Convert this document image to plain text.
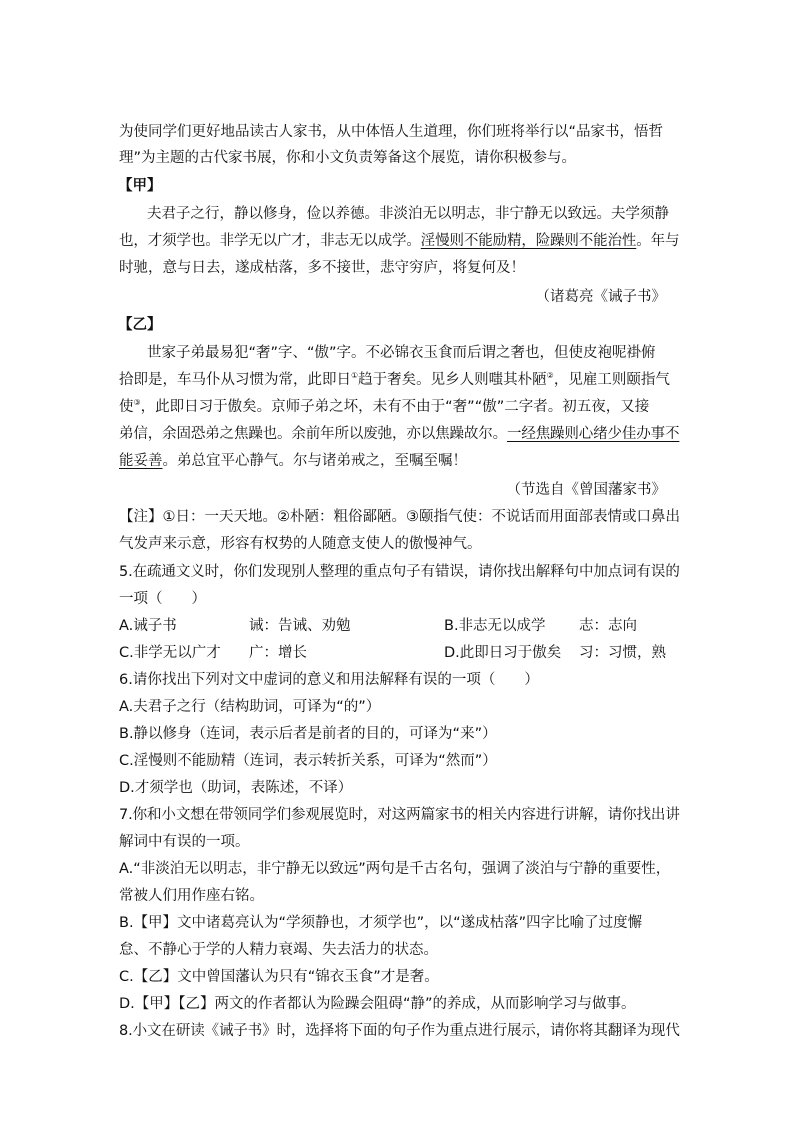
为使同学们更好地品读古人家书，从中体悟人生道理，你们班将举行以“品家书，悟哲
理”为主题的古代家书展，你和小文负责筹备这个展览，请你积极参与。
【甲】
夫君子之行，静以修身，俭以养德。非淡泊无以明志，非宁静无以致远。夫学须静
也，才须学也。非学无以广才，非志无以成学。淫慢则不能励精，险躁则不能治性。年与
时驰，意与日去，遂成枯落，多不接世，悲守穷庐，将复何及！
（诸葛亮《诫子书》
【乙】
世家子弟最易犯“奢”字、“傲”字。不必锦衣玉食而后谓之奢也，但使皮袍呢褂俯
拾即是，车马仆从习惯为常，此即日①趋于奢矣。见乡人则嗤其朴陋②，见雇工则颐指气
使③，此即日习于傲矣。京师子弟之坏，未有不由于“奢”“傲”二字者。初五夜，又接
弟信，余固恐弟之焦躁也。余前年所以废弛，亦以焦躁故尔。一经焦躁则心绪少佳办事不
能妥善。弟总宜平心静气。尔与诸弟戒之，至嘱至嘱！
（节选自《曾国藩家书》
【注】①日：一天天地。②朴陋：粗俗鄙陋。③颐指气使：不说话而用面部表情或口鼻出
气发声来示意，形容有权势的人随意支使人的傲慢神气。
5.在疏通文义时，你们发现别人整理的重点句子有错误，请你找出解释句中加点词有误的
一项（　　）
A.诫子书	诫：告诫、劝勉	B.非志无以成学 志：志向
C.非学无以广才 广：增长	D.此即日习于傲矣 习：习惯，熟
6.请你找出下列对文中虚词的意义和用法解释有误的一项（　　）
A.夫君子之行（结构助词，可译为“的”）
B.静以修身（连词，表示后者是前者的目的，可译为“来”）
C.淫慢则不能励精（连词，表示转折关系，可译为“然而”）
D.才须学也（助词，表陈述，不译）
7.你和小文想在带领同学们参观展览时，对这两篇家书的相关内容进行讲解，请你找出讲
解词中有误的一项。
A.“非淡泊无以明志，非宁静无以致远”两句是千古名句，强调了淡泊与宁静的重要性，
常被人们用作座右铭。
B.【甲】文中诸葛亮认为“学须静也，才须学也”，以“遂成枯落”四字比喻了过度懈
怠、不静心于学的人精力衰竭、失去活力的状态。
C.【乙】文中曾国藩认为只有“锦衣玉食”才是奢。
D.【甲】【乙】两文的作者都认为险躁会阻碍“静”的养成，从而影响学习与做事。
8.小文在研读《诫子书》时，选择将下面的句子作为重点进行展示，请你将其翻译为现代
